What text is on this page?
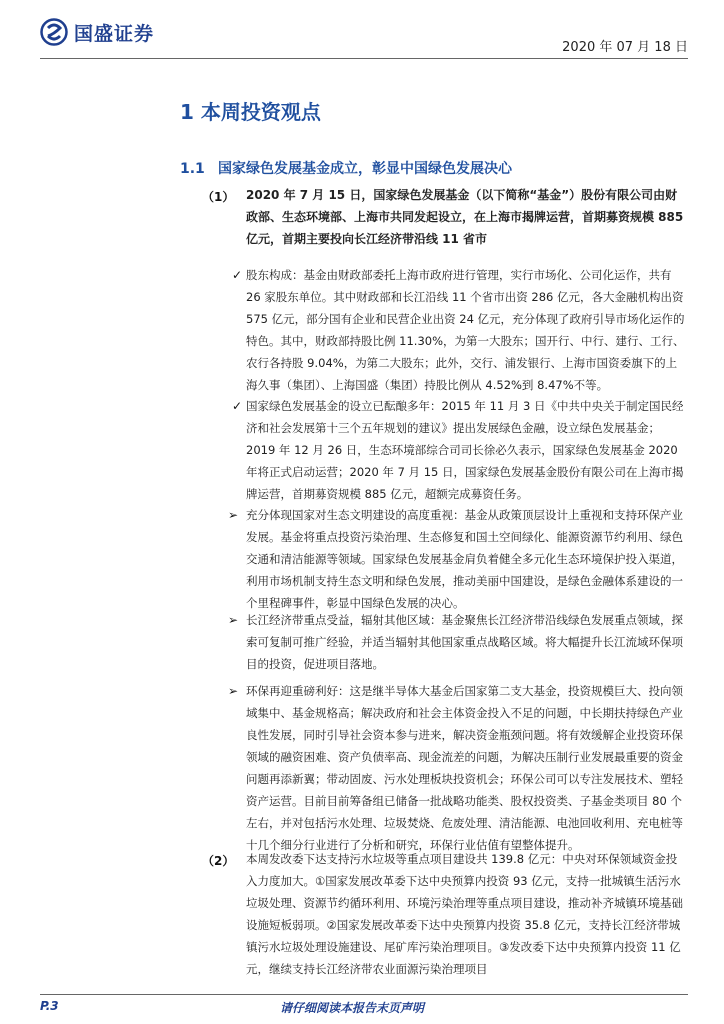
国盛证券
2020 年 07 月 18 日
1 本周投资观点
1.1 国家绿色发展基金成立，彰显中国绿色发展决心
（1） 2020 年 7 月 15 日，国家绿色发展基金（以下简称“基金”）股份有限公司由财政部、生态环境部、上海市共同发起设立，在上海市揭牌运营，首期募资规模 885 亿元，首期主要投向长江经济带沿线 11 省市
✓ 股东构成：基金由财政部委托上海市政府进行管理，实行市场化、公司化运作，共有 26 家股东单位。其中财政部和长江沿线 11 个省市出资 286 亿元，各大金融机构出资 575 亿元，部分国有企业和民营企业出资 24 亿元，充分体现了政府引导市场化运作的特色。其中，财政部持股比例 11.30%，为第一大股东；国开行、中行、建行、工行、农行各持股 9.04%，为第二大股东；此外，交行、浦发银行、上海市国资委旗下的上海久事（集团）、上海国盛（集团）持股比例从 4.52%到 8.47%不等。
✓ 国家绿色发展基金的设立已酝酿多年：2015 年 11 月 3 日《中共中央关于制定国民经济和社会发展第十三个五年规划的建议》提出发展绿色金融，设立绿色发展基金；2019 年 12 月 26 日，生态环境部综合司司长徐必久表示，国家绿色发展基金 2020 年将正式启动运营；2020 年 7 月 15 日，国家绿色发展基金股份有限公司在上海市揭牌运营，首期募资规模 885 亿元，超额完成募资任务。
➢ 充分体现国家对生态文明建设的高度重视：基金从政策顶层设计上重视和支持环保产业发展。基金将重点投资污染治理、生态修复和国土空间绿化、能源资源节约利用、绿色交通和清洁能源等领域。国家绿色发展基金肩负着健全多元化生态环境保护投入渠道，利用市场机制支持生态文明和绿色发展，推动美丽中国建设，是绿色金融体系建设的一个里程碑事件，彰显中国绿色发展的决心。
➢ 长江经济带重点受益，辐射其他区域：基金聚焦长江经济带沿线绿色发展重点领域，探索可复制可推广经验，并适当辐射其他国家重点战略区域。将大幅提升长江流域环保项目的投资，促进项目落地。
➢ 环保再迎重磅利好：这是继半导体大基金后国家第二支大基金，投资规模巨大、投向领域集中、基金规格高；解决政府和社会主体资金投入不足的问题，中长期扶持绿色产业良性发展，同时引导社会资本参与进来，解决资金瓶颈问题。将有效缓解企业投资环保领域的融资困难、资产负债率高、现金流差的问题，为解决压制行业发展最重要的资金问题再添新翼；带动固废、污水处理板块投资机会；环保公司可以专注发展技术、塑轻资产运营。目前目前筹备组已储备一批战略功能类、股权投资类、子基金类项目 80 个左右，并对包括污水处理、垃圾焚烧、危废处理、清洁能源、电池回收利用、充电桩等十几个细分行业进行了分析和研究，环保行业估值有望整体提升。
（2） 本周发改委下达支持污水垃圾等重点项目建设共 139.8 亿元：中央对环保领域资金投入力度加大。①国家发展改革委下达中央预算内投资 93 亿元，支持一批城镇生活污水垃圾处理、资源节约循环利用、环境污染治理等重点项目建设，推动补齐城镇环境基础设施短板弱项。②国家发展改革委下达中央预算内投资 35.8 亿元，支持长江经济带城镇污水垃圾处理设施建设、尾矿库污染治理项目。③发改委下达中央预算内投资 11 亿元，继续支持长江经济带农业面源污染治理项目
P.3	请仔细阅读本报告末页声明
